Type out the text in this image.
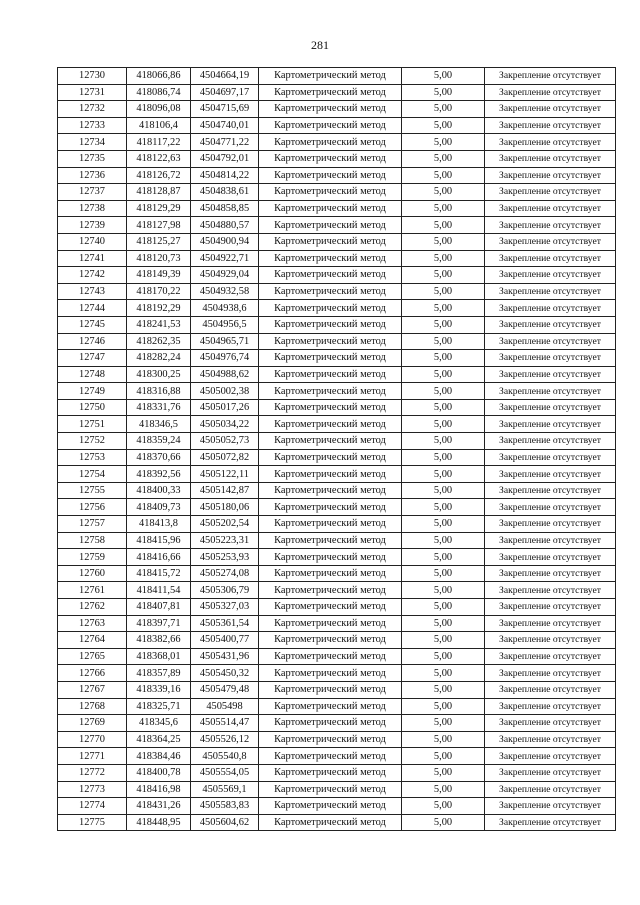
281
12730	418066,86	4504664,19	Картометрический метод	5,00	Закрепление отсутствует
12731	418086,74	4504697,17	Картометрический метод	5,00	Закрепление отсутствует
12732	418096,08	4504715,69	Картометрический метод	5,00	Закрепление отсутствует
12733	418106,4	4504740,01	Картометрический метод	5,00	Закрепление отсутствует
12734	418117,22	4504771,22	Картометрический метод	5,00	Закрепление отсутствует
12735	418122,63	4504792,01	Картометрический метод	5,00	Закрепление отсутствует
12736	418126,72	4504814,22	Картометрический метод	5,00	Закрепление отсутствует
12737	418128,87	4504838,61	Картометрический метод	5,00	Закрепление отсутствует
12738	418129,29	4504858,85	Картометрический метод	5,00	Закрепление отсутствует
12739	418127,98	4504880,57	Картометрический метод	5,00	Закрепление отсутствует
12740	418125,27	4504900,94	Картометрический метод	5,00	Закрепление отсутствует
12741	418120,73	4504922,71	Картометрический метод	5,00	Закрепление отсутствует
12742	418149,39	4504929,04	Картометрический метод	5,00	Закрепление отсутствует
12743	418170,22	4504932,58	Картометрический метод	5,00	Закрепление отсутствует
12744	418192,29	4504938,6	Картометрический метод	5,00	Закрепление отсутствует
12745	418241,53	4504956,5	Картометрический метод	5,00	Закрепление отсутствует
12746	418262,35	4504965,71	Картометрический метод	5,00	Закрепление отсутствует
12747	418282,24	4504976,74	Картометрический метод	5,00	Закрепление отсутствует
12748	418300,25	4504988,62	Картометрический метод	5,00	Закрепление отсутствует
12749	418316,88	4505002,38	Картометрический метод	5,00	Закрепление отсутствует
12750	418331,76	4505017,26	Картометрический метод	5,00	Закрепление отсутствует
12751	418346,5	4505034,22	Картометрический метод	5,00	Закрепление отсутствует
12752	418359,24	4505052,73	Картометрический метод	5,00	Закрепление отсутствует
12753	418370,66	4505072,82	Картометрический метод	5,00	Закрепление отсутствует
12754	418392,56	4505122,11	Картометрический метод	5,00	Закрепление отсутствует
12755	418400,33	4505142,87	Картометрический метод	5,00	Закрепление отсутствует
12756	418409,73	4505180,06	Картометрический метод	5,00	Закрепление отсутствует
12757	418413,8	4505202,54	Картометрический метод	5,00	Закрепление отсутствует
12758	418415,96	4505223,31	Картометрический метод	5,00	Закрепление отсутствует
12759	418416,66	4505253,93	Картометрический метод	5,00	Закрепление отсутствует
12760	418415,72	4505274,08	Картометрический метод	5,00	Закрепление отсутствует
12761	418411,54	4505306,79	Картометрический метод	5,00	Закрепление отсутствует
12762	418407,81	4505327,03	Картометрический метод	5,00	Закрепление отсутствует
12763	418397,71	4505361,54	Картометрический метод	5,00	Закрепление отсутствует
12764	418382,66	4505400,77	Картометрический метод	5,00	Закрепление отсутствует
12765	418368,01	4505431,96	Картометрический метод	5,00	Закрепление отсутствует
12766	418357,89	4505450,32	Картометрический метод	5,00	Закрепление отсутствует
12767	418339,16	4505479,48	Картометрический метод	5,00	Закрепление отсутствует
12768	418325,71	4505498	Картометрический метод	5,00	Закрепление отсутствует
12769	418345,6	4505514,47	Картометрический метод	5,00	Закрепление отсутствует
12770	418364,25	4505526,12	Картометрический метод	5,00	Закрепление отсутствует
12771	418384,46	4505540,8	Картометрический метод	5,00	Закрепление отсутствует
12772	418400,78	4505554,05	Картометрический метод	5,00	Закрепление отсутствует
12773	418416,98	4505569,1	Картометрический метод	5,00	Закрепление отсутствует
12774	418431,26	4505583,83	Картометрический метод	5,00	Закрепление отсутствует
12775	418448,95	4505604,62	Картометрический метод	5,00	Закрепление отсутствует
